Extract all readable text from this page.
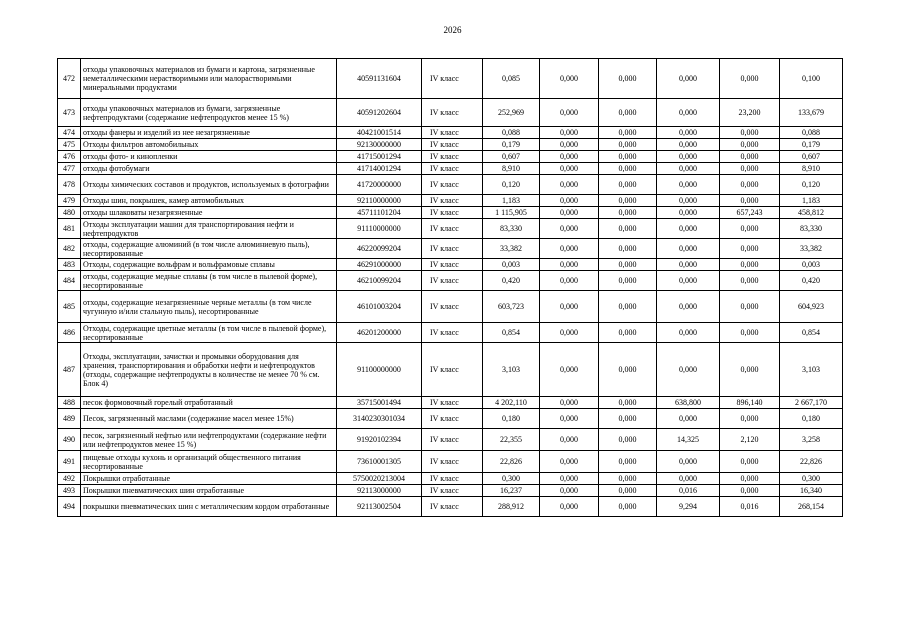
2026
472	отходы упаковочных материалов из бумаги и картона, загрязненные неметаллическими нерастворимыми или малорастворимыми минеральными продуктами	40591131604	IV класс	0,085	0,000	0,000	0,000	0,000	0,100
473	отходы упаковочных материалов из бумаги, загрязненные нефтепродуктами (содержание нефтепродуктов менее 15 %)	40591202604	IV класс	252,969	0,000	0,000	0,000	23,200	133,679
474	отходы фанеры и изделий из нее незагрязненные	40421001514	IV класс	0,088	0,000	0,000	0,000	0,000	0,088
475	Отходы фильтров автомобильных	92130000000	IV класс	0,179	0,000	0,000	0,000	0,000	0,179
476	отходы фото- и кинопленки	41715001294	IV класс	0,607	0,000	0,000	0,000	0,000	0,607
477	отходы фотобумаги	41714001294	IV класс	8,910	0,000	0,000	0,000	0,000	8,910
478	Отходы химических составов и продуктов, используемых в фотографии	41720000000	IV класс	0,120	0,000	0,000	0,000	0,000	0,120
479	Отходы шин, покрышек, камер автомобильных	92110000000	IV класс	1,183	0,000	0,000	0,000	0,000	1,183
480	отходы шлаковаты незагрязненные	45711101204	IV класс	1 115,905	0,000	0,000	0,000	657,243	458,812
481	Отходы эксплуатации машин для транспортирования нефти и нефтепродуктов	91110000000	IV класс	83,330	0,000	0,000	0,000	0,000	83,330
482	отходы, содержащие алюминий (в том числе алюминиевую пыль), несортированные	46220099204	IV класс	33,382	0,000	0,000	0,000	0,000	33,382
483	Отходы, содержащие вольфрам и вольфрамовые сплавы	46291000000	IV класс	0,003	0,000	0,000	0,000	0,000	0,003
484	отходы, содержащие медные сплавы (в том числе в пылевой форме), несортированные	46210099204	IV класс	0,420	0,000	0,000	0,000	0,000	0,420
485	отходы, содержащие незагрязненные черные металлы (в том числе чугунную и/или стальную пыль), несортированные	46101003204	IV класс	603,723	0,000	0,000	0,000	0,000	604,923
486	Отходы, содержащие цветные металлы (в том числе в пылевой форме), несортированные	46201200000	IV класс	0,854	0,000	0,000	0,000	0,000	0,854
487	Отходы, эксплуатации, зачистки и промывки оборудования для хранения, транспортирования и обработки нефти и нефтепродуктов (отходы, содержащие нефтепродукты в количестве не менее 70 % см. Блок 4)	91100000000	IV класс	3,103	0,000	0,000	0,000	0,000	3,103
488	песок формовочный горелый отработанный	35715001494	IV класс	4 202,110	0,000	0,000	638,800	896,140	2 667,170
489	Песок, загрязненный маслами (содержание масел менее 15%)	3140230301034	IV класс	0,180	0,000	0,000	0,000	0,000	0,180
490	песок, загрязненный нефтью или нефтепродуктами (содержание нефти или нефтепродуктов менее 15 %)	91920102394	IV класс	22,355	0,000	0,000	14,325	2,120	3,258
491	пищевые отходы кухонь и организаций общественного питания несортированные	73610001305	IV класс	22,826	0,000	0,000	0,000	0,000	22,826
492	Покрышки отработанные	5750020213004	IV класс	0,300	0,000	0,000	0,000	0,000	0,300
493	Покрышки пневматических шин отработанные	92113000000	IV класс	16,237	0,000	0,000	0,016	0,000	16,340
494	покрышки пневматических шин с металлическим кордом отработанные	92113002504	IV класс	288,912	0,000	0,000	9,294	0,016	268,154
